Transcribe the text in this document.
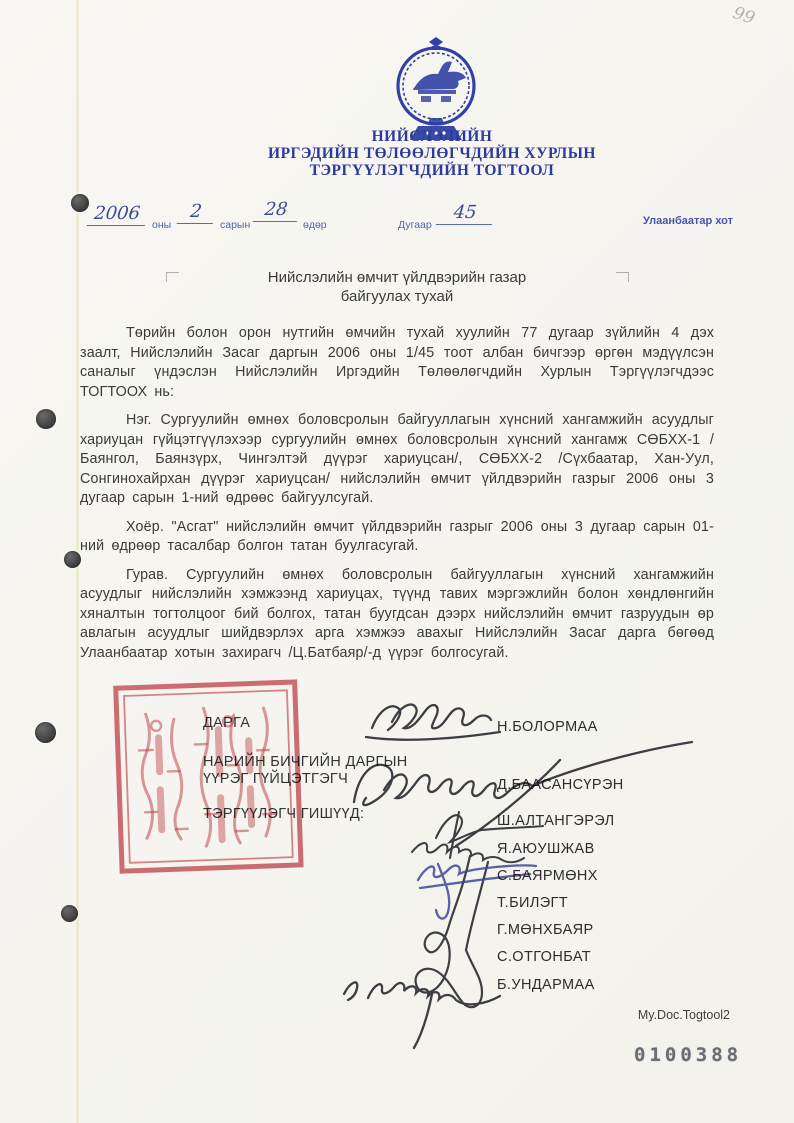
99
НИЙСЛЭЛИЙН
ИРГЭДИЙН ТӨЛӨӨЛӨГЧДИЙН ХУРЛЫН
ТЭРГҮҮЛЭГЧДИЙН ТОГТООЛ
2006
оны
2
сарын
28
өдөр	Дугаар
45	Улаанбаатар хот
Нийслэлийн өмчит үйлдвэрийн газар
байгуулах тухай

Төрийн болон орон нутгийн өмчийн тухай хуулийн 77 дугаар зүйлийн 4 дэх заалт, Нийслэлийн Засаг даргын 2006 оны 1/45 тоот албан бичгээр өргөн мэдүүлсэн саналыг үндэслэн Нийслэлийн Иргэдийн Төлөөлөгчдийн Хурлын Тэргүүлэгчдээс ТОГТООХ нь:

Нэг. Сургуулийн өмнөх боловсролын байгууллагын хүнсний хангамжийн асуудлыг хариуцан гүйцэтгүүлэхээр сургуулийн өмнөх боловсролын хүнсний хангамж СӨБХХ-1 /Баянгол, Баянзүрх, Чингэлтэй дүүрэг хариуцсан/, СӨБХХ-2 /Сүхбаатар, Хан-Уул, Сонгинохайрхан дүүрэг хариуцсан/ нийслэлийн өмчит үйлдвэрийн газрыг 2006 оны 3 дугаар сарын 1-ний өдрөөс байгуулсугай.

Хоёр. "Асгат" нийслэлийн өмчит үйлдвэрийн газрыг 2006 оны 3 дугаар сарын 01-ний өдрөөр тасалбар болгон татан буулгасугай.

Гурав. Сургуулийн өмнөх боловсролын байгууллагын хүнсний хангамжийн асуудлыг нийслэлийн хэмжээнд хариуцах, түүнд тавих мэргэжлийн болон хөндлөнгийн хяналтын тогтолцоог бий болгох, татан буугдсан дээрх нийслэлийн өмчит газруудын өр авлагын асуудлыг шийдвэрлэх арга хэмжээ авахыг Нийслэлийн Засаг дарга бөгөөд Улаанбаатар хотын захирагч /Ц.Батбаяр/-д үүрэг болгосугай.

ДАРГА
НАРИЙН БИЧГИЙН ДАРГЫН
ҮҮРЭГ ГҮЙЦЭТГЭГЧ
ТЭРГҮҮЛЭГЧ ГИШҮҮД:
Н.БОЛОРМАА
Д.БААСАНСҮРЭН
Ш.АЛТАНГЭРЭЛ
Я.АЮУШЖАВ
С.БАЯРМӨНХ
Т.БИЛЭГТ
Г.МӨНХБАЯР
С.ОТГОНБАТ
Б.УНДАРМАА
My.Doc.Togtool2
0100388
